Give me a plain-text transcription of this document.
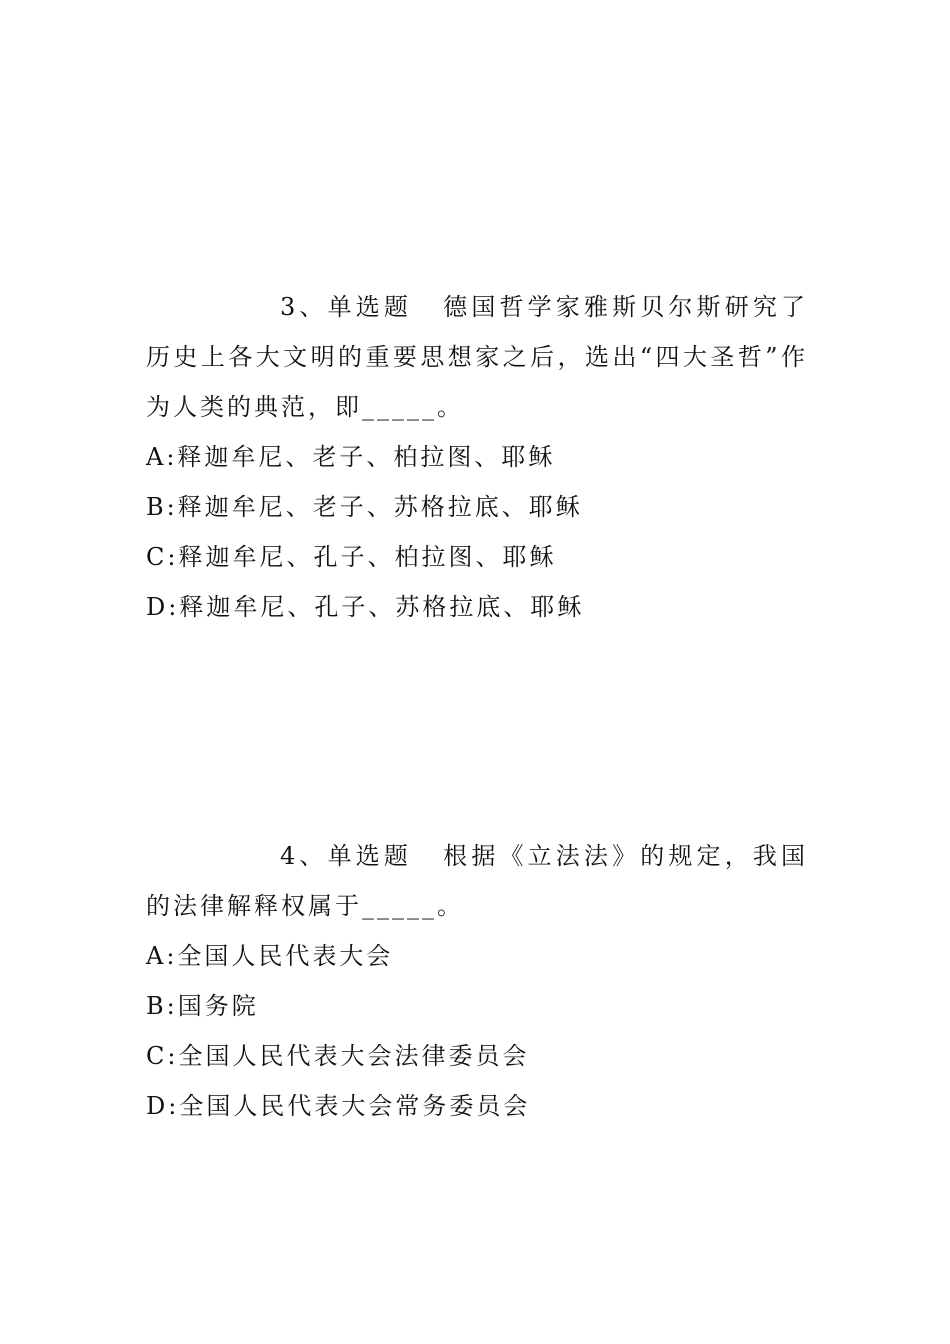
3、单选题 德国哲学家雅斯贝尔斯研究了历史上各大文明的重要思想家之后，选出“四大圣哲”作为人类的典范，即_____。

A:释迦牟尼、老子、柏拉图、耶稣
B:释迦牟尼、老子、苏格拉底、耶稣
C:释迦牟尼、孔子、柏拉图、耶稣
D:释迦牟尼、孔子、苏格拉底、耶稣

4、单选题 根据《立法法》的规定，我国的法律解释权属于_____。

A:全国人民代表大会
B:国务院
C:全国人民代表大会法律委员会
D:全国人民代表大会常务委员会
